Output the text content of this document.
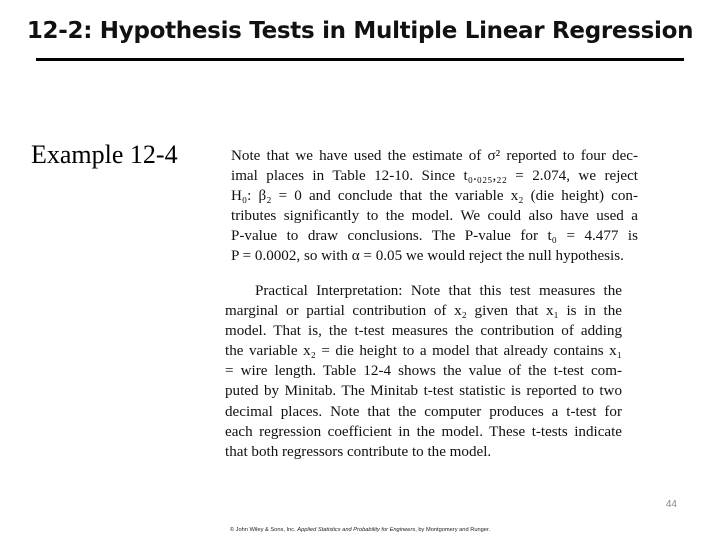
12-2: Hypothesis Tests in Multiple Linear Regression
Example 12-4	Note that we have used the estimate of σ² reported to four dec-
imal places in Table 12-10. Since t₀.₀₂₅,₂₂ = 2.074, we reject
H₀: β₂ = 0 and conclude that the variable x₂ (die height) con-
tributes significantly to the model. We could also have used a
P-value to draw conclusions. The P-value for t₀ = 4.477 is
P = 0.0002, so with α = 0.05 we would reject the null hypothesis.
Practical Interpretation: Note that this test measures the
marginal or partial contribution of x₂ given that x₁ is in the
model. That is, the t-test measures the contribution of adding
the variable x₂ = die height to a model that already contains x₁
= wire length. Table 12-4 shows the value of the t-test com-
puted by Minitab. The Minitab t-test statistic is reported to two
decimal places. Note that the computer produces a t-test for
each regression coefficient in the model. These t-tests indicate
that both regressors contribute to the model.
44
© John Wiley & Sons, Inc. Applied Statistics and Probability for Engineers, by Montgomery and Runger.
